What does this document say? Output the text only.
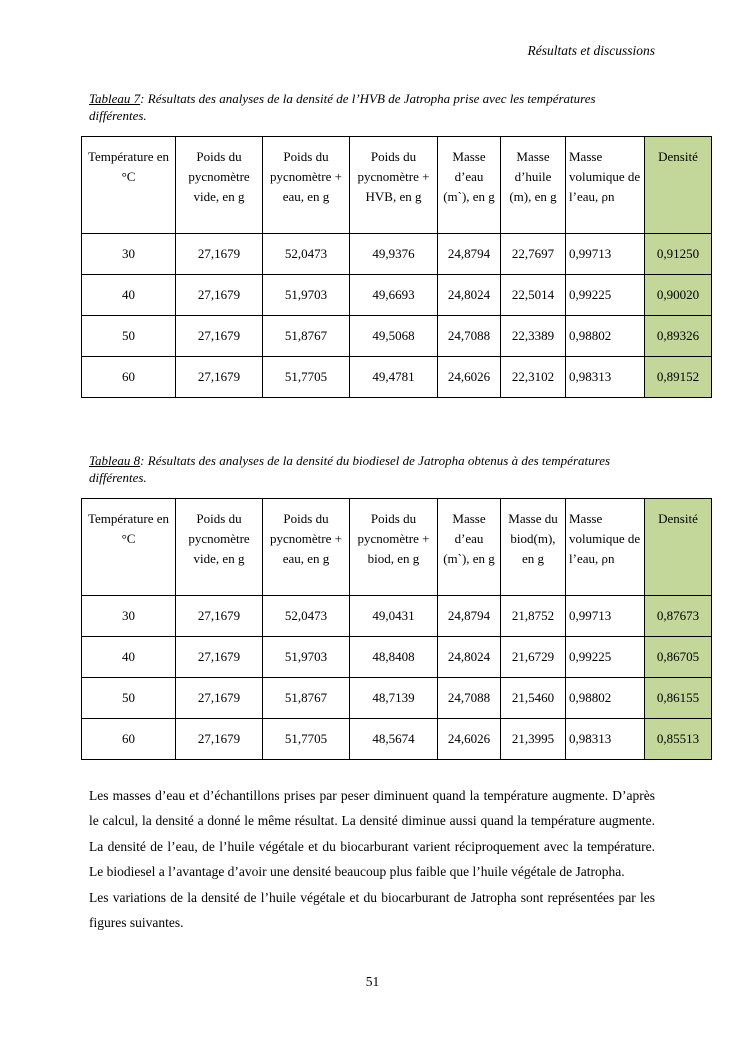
Résultats et discussions
Tableau 7: Résultats des analyses de la densité de l’HVB de Jatropha prise avec les températures différentes.
Température en °C	Poids du pycnomètre vide, en g	Poids du pycnomètre + eau, en g	Poids du pycnomètre + HVB, en g	Masse d’eau (m`), en g	Masse d’huile (m), en g	Masse volumique de l’eau, ρn	Densité
30	27,1679	52,0473	49,9376	24,8794	22,7697	0,99713	0,91250
40	27,1679	51,9703	49,6693	24,8024	22,5014	0,99225	0,90020
50	27,1679	51,8767	49,5068	24,7088	22,3389	0,98802	0,89326
60	27,1679	51,7705	49,4781	24,6026	22,3102	0,98313	0,89152
Tableau 8: Résultats des analyses de la densité du biodiesel de Jatropha obtenus à des températures différentes.
Température en °C	Poids du pycnomètre vide, en g	Poids du pycnomètre + eau, en g	Poids du pycnomètre + biod, en g	Masse d’eau (m`), en g	Masse du biod(m), en g	Masse volumique de l’eau, ρn	Densité
30	27,1679	52,0473	49,0431	24,8794	21,8752	0,99713	0,87673
40	27,1679	51,9703	48,8408	24,8024	21,6729	0,99225	0,86705
50	27,1679	51,8767	48,7139	24,7088	21,5460	0,98802	0,86155
60	27,1679	51,7705	48,5674	24,6026	21,3995	0,98313	0,85513

Les masses d’eau et d’échantillons prises par peser diminuent quand la température augmente. D’après le calcul, la densité a donné le même résultat. La densité diminue aussi quand la température augmente. La densité de l’eau, de l’huile végétale et du biocarburant varient réciproquement avec la température. Le biodiesel a l’avantage d’avoir une densité beaucoup plus faible que l’huile végétale de Jatropha.

Les variations de la densité de l’huile végétale et du biocarburant de Jatropha sont représentées par les figures suivantes.

51
